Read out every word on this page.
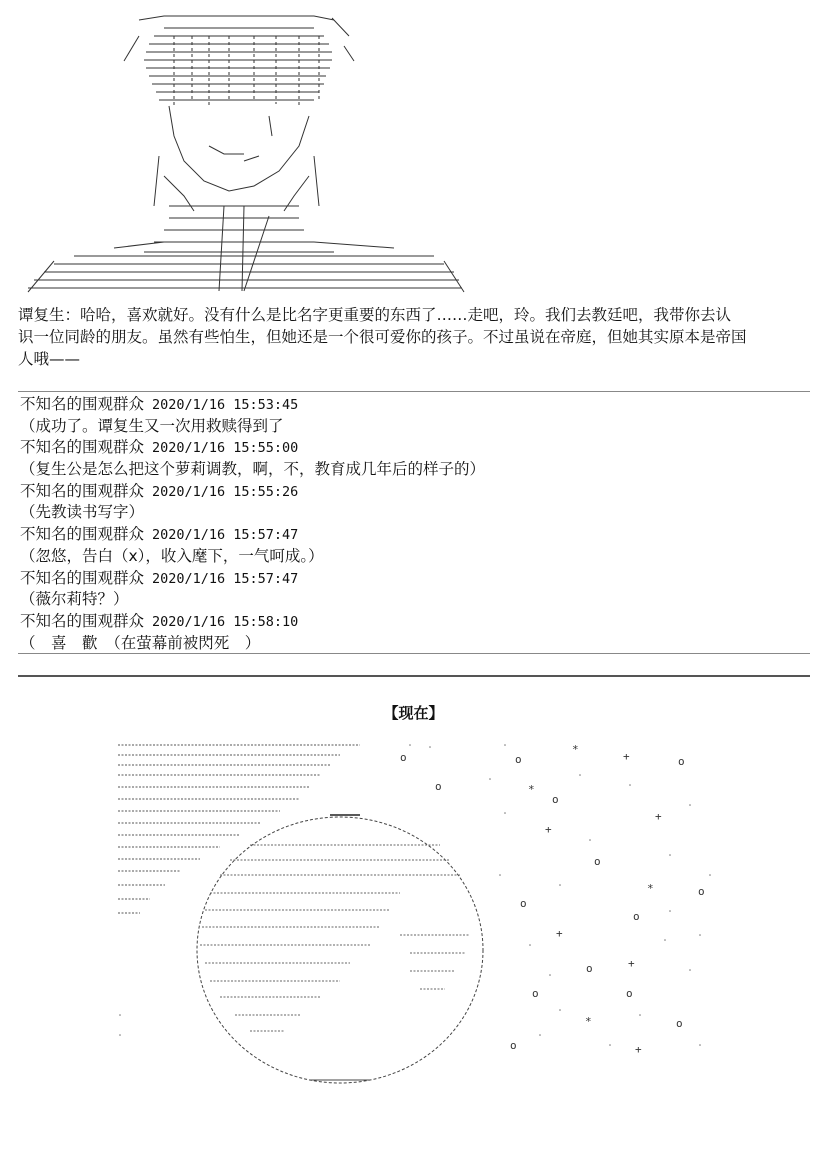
谭复生：哈哈，喜欢就好。没有什么是比名字更重要的东西了……走吧，玲。我们去教廷吧，我带你去认
识一位同龄的朋友。虽然有些怕生，但她还是一个很可爱你的孩子。不过虽说在帝庭，但她其实原本是帝国
人哦——
不知名的围观群众 2020/1/16 15:53:45
（成功了。谭复生又一次用救赎得到了
不知名的围观群众 2020/1/16 15:55:00
（复生公是怎么把这个萝莉调教，啊，不，教育成几年后的样子的）
不知名的围观群众 2020/1/16 15:55:26
（先教读书写字）
不知名的围观群众 2020/1/16 15:57:47
（忽悠，告白（x），收入麾下，一气呵成。）
不知名的围观群众 2020/1/16 15:57:47
（薇尔莉特？）
不知名的围观群众 2020/1/16 15:58:10
（　喜　歡　（在萤幕前被閃死　）
【现在】
o	o
*
+	o
o	*
o
+
+
o
*	o
o
o
+
o	+
o	o
*	o
+
o
